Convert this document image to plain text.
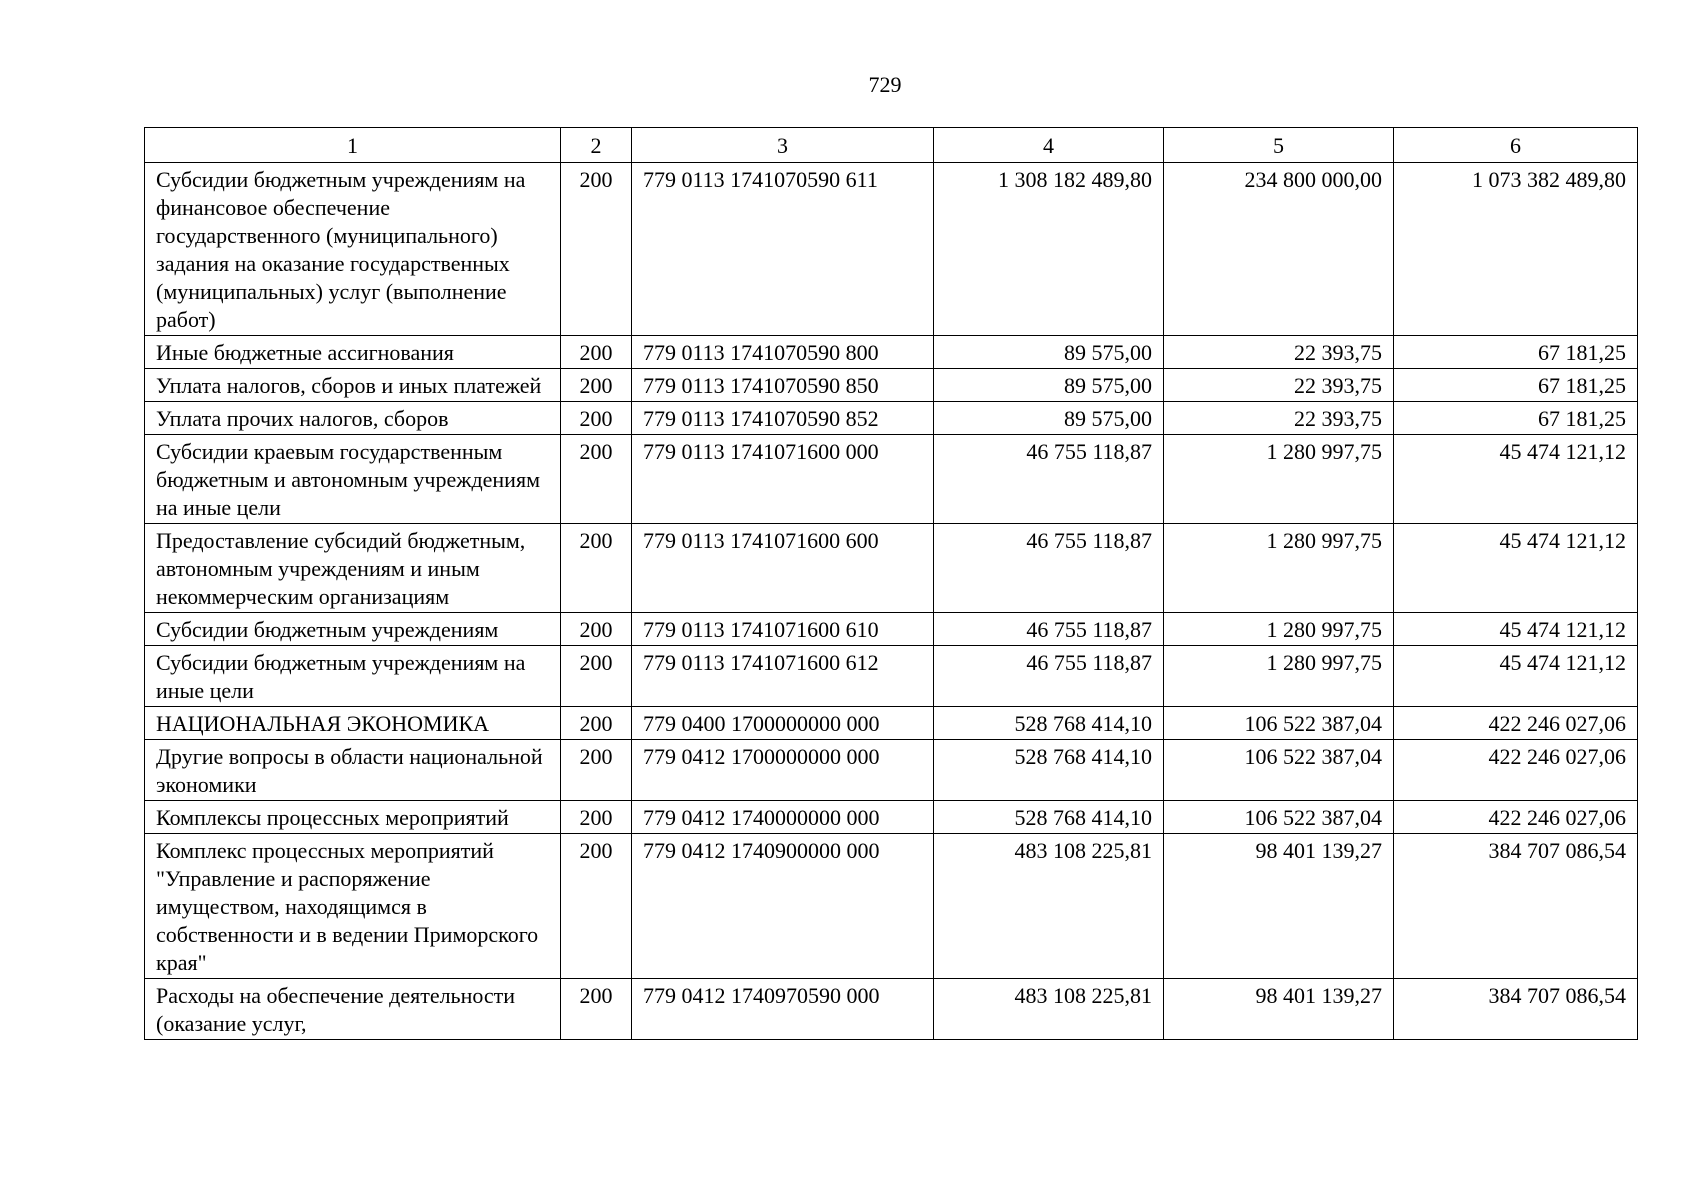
729
1	2	3	4	5	6
Субсидии бюджетным учреждениям на финансовое обеспечение государственного (муниципального) задания на оказание государственных (муниципальных) услуг (выполнение работ)	200	779 0113 1741070590 611	1 308 182 489,80	234 800 000,00	1 073 382 489,80
Иные бюджетные ассигнования	200	779 0113 1741070590 800	89 575,00	22 393,75	67 181,25
Уплата налогов, сборов и иных платежей	200	779 0113 1741070590 850	89 575,00	22 393,75	67 181,25
Уплата прочих налогов, сборов	200	779 0113 1741070590 852	89 575,00	22 393,75	67 181,25
Субсидии краевым государственным бюджетным и автономным учреждениям на иные цели	200	779 0113 1741071600 000	46 755 118,87	1 280 997,75	45 474 121,12
Предоставление субсидий бюджетным, автономным учреждениям и иным некоммерческим организациям	200	779 0113 1741071600 600	46 755 118,87	1 280 997,75	45 474 121,12
Субсидии бюджетным учреждениям	200	779 0113 1741071600 610	46 755 118,87	1 280 997,75	45 474 121,12
Субсидии бюджетным учреждениям на иные цели	200	779 0113 1741071600 612	46 755 118,87	1 280 997,75	45 474 121,12
НАЦИОНАЛЬНАЯ ЭКОНОМИКА	200	779 0400 1700000000 000	528 768 414,10	106 522 387,04	422 246 027,06
Другие вопросы в области национальной экономики	200	779 0412 1700000000 000	528 768 414,10	106 522 387,04	422 246 027,06
Комплексы процессных мероприятий	200	779 0412 1740000000 000	528 768 414,10	106 522 387,04	422 246 027,06
Комплекс процессных мероприятий "Управление и распоряжение имуществом, находящимся в собственности и в ведении Приморского края"	200	779 0412 1740900000 000	483 108 225,81	98 401 139,27	384 707 086,54
Расходы на обеспечение деятельности (оказание услуг,	200	779 0412 1740970590 000	483 108 225,81	98 401 139,27	384 707 086,54
